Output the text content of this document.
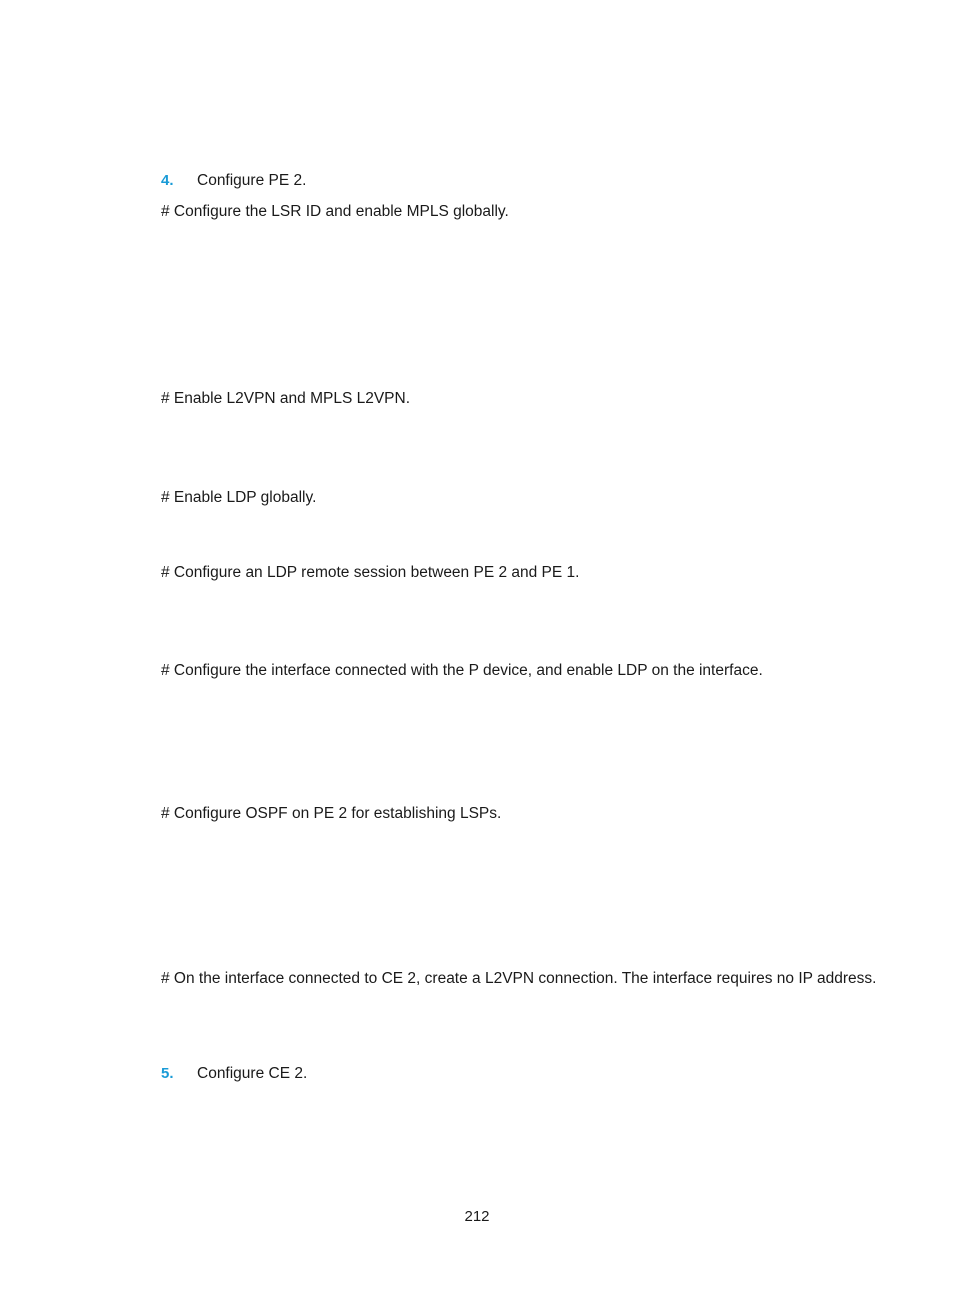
4. Configure PE 2.
# Configure the LSR ID and enable MPLS globally.
# Enable L2VPN and MPLS L2VPN.
# Enable LDP globally.
# Configure an LDP remote session between PE 2 and PE 1.
# Configure the interface connected with the P device, and enable LDP on the interface.
# Configure OSPF on PE 2 for establishing LSPs.
# On the interface connected to CE 2, create a L2VPN connection. The interface requires no IP address.
5. Configure CE 2.
212
